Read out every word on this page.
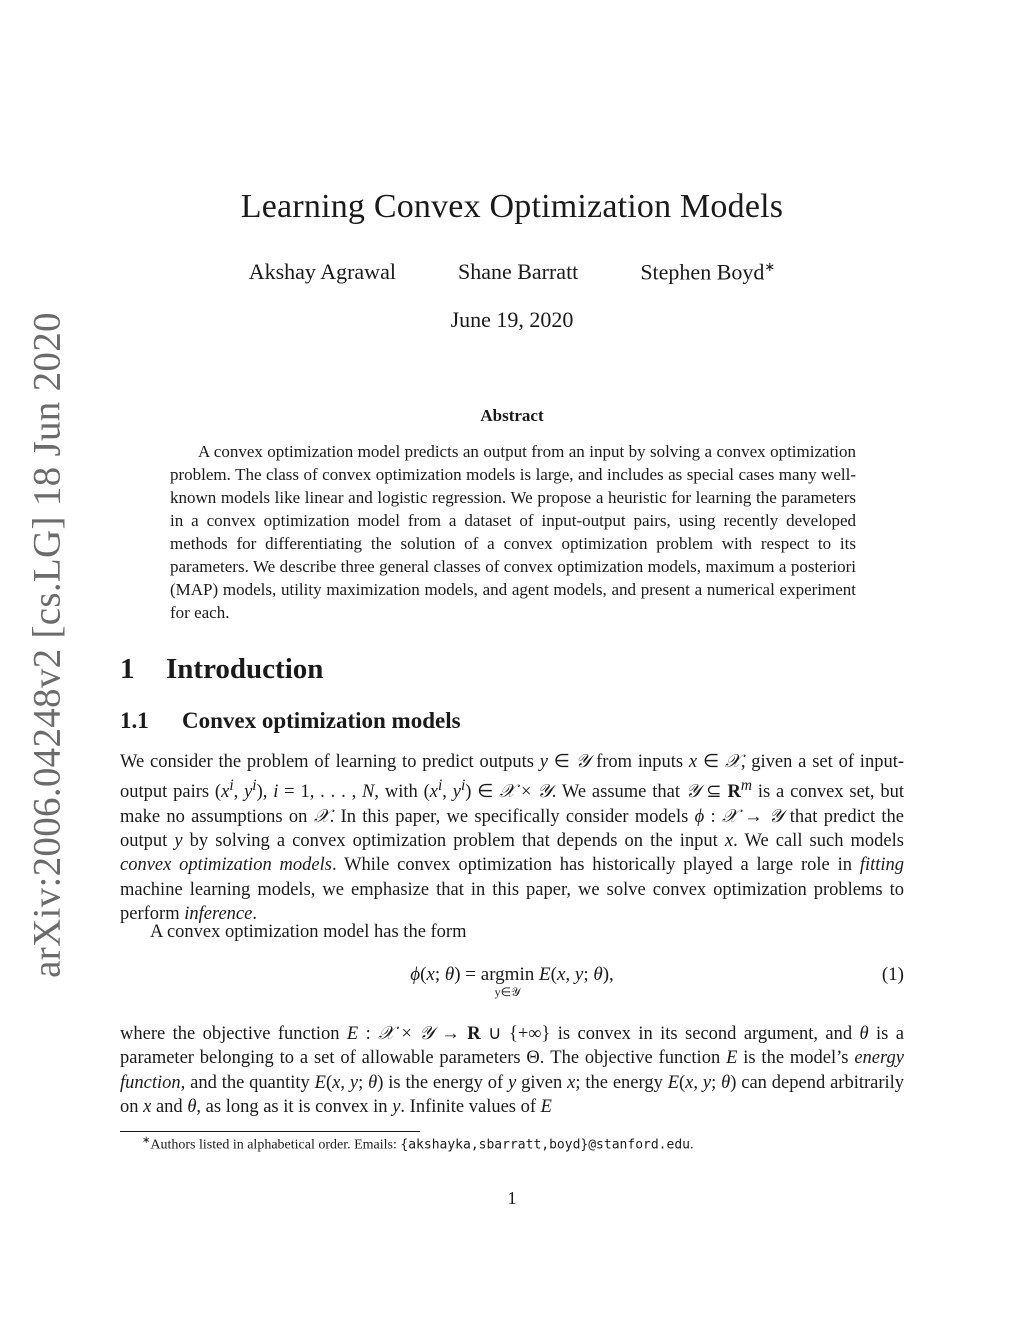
arXiv:2006.04248v2 [cs.LG] 18 Jun 2020
Learning Convex Optimization Models
Akshay Agrawal	Shane Barratt	Stephen Boyd∗
June 19, 2020
Abstract
A convex optimization model predicts an output from an input by solving a convex optimization problem. The class of convex optimization models is large, and includes as special cases many well-known models like linear and logistic regression. We propose a heuristic for learning the parameters in a convex optimization model from a dataset of input-output pairs, using recently developed methods for differentiating the solution of a convex optimization problem with respect to its parameters. We describe three general classes of convex optimization models, maximum a posteriori (MAP) models, utility maximization models, and agent models, and present a numerical experiment for each.
1 Introduction
1.1 Convex optimization models
We consider the problem of learning to predict outputs y ∈ 𝒴 from inputs x ∈ 𝒳, given a set of input-output pairs ($x^i$, $y^i$), i = 1, . . . , N, with ($x^i$, $y^i$) ∈ 𝒳 × 𝒴. We assume that 𝒴 ⊆ $R^m$ is a convex set, but make no assumptions on 𝒳. In this paper, we specifically consider models ϕ : 𝒳 → 𝒴 that predict the output y by solving a convex optimization problem that depends on the input x. We call such models convex optimization models. While convex optimization has historically played a large role in fitting machine learning models, we emphasize that in this paper, we solve convex optimization problems to perform inference.
A convex optimization model has the form
ϕ(x; θ) = argmin
y∈𝒴
E(x, y; θ),	(1)
where the objective function E : 𝒳 × 𝒴 → R ∪ {+∞} is convex in its second argument, and θ is a parameter belonging to a set of allowable parameters Θ. The objective function E is the model’s energy function, and the quantity E(x, y; θ) is the energy of y given x; the energy E(x, y; θ) can depend arbitrarily on x and θ, as long as it is convex in y. Infinite values of E
∗Authors listed in alphabetical order. Emails: {akshayka,sbarratt,boyd}@stanford.edu.
1
